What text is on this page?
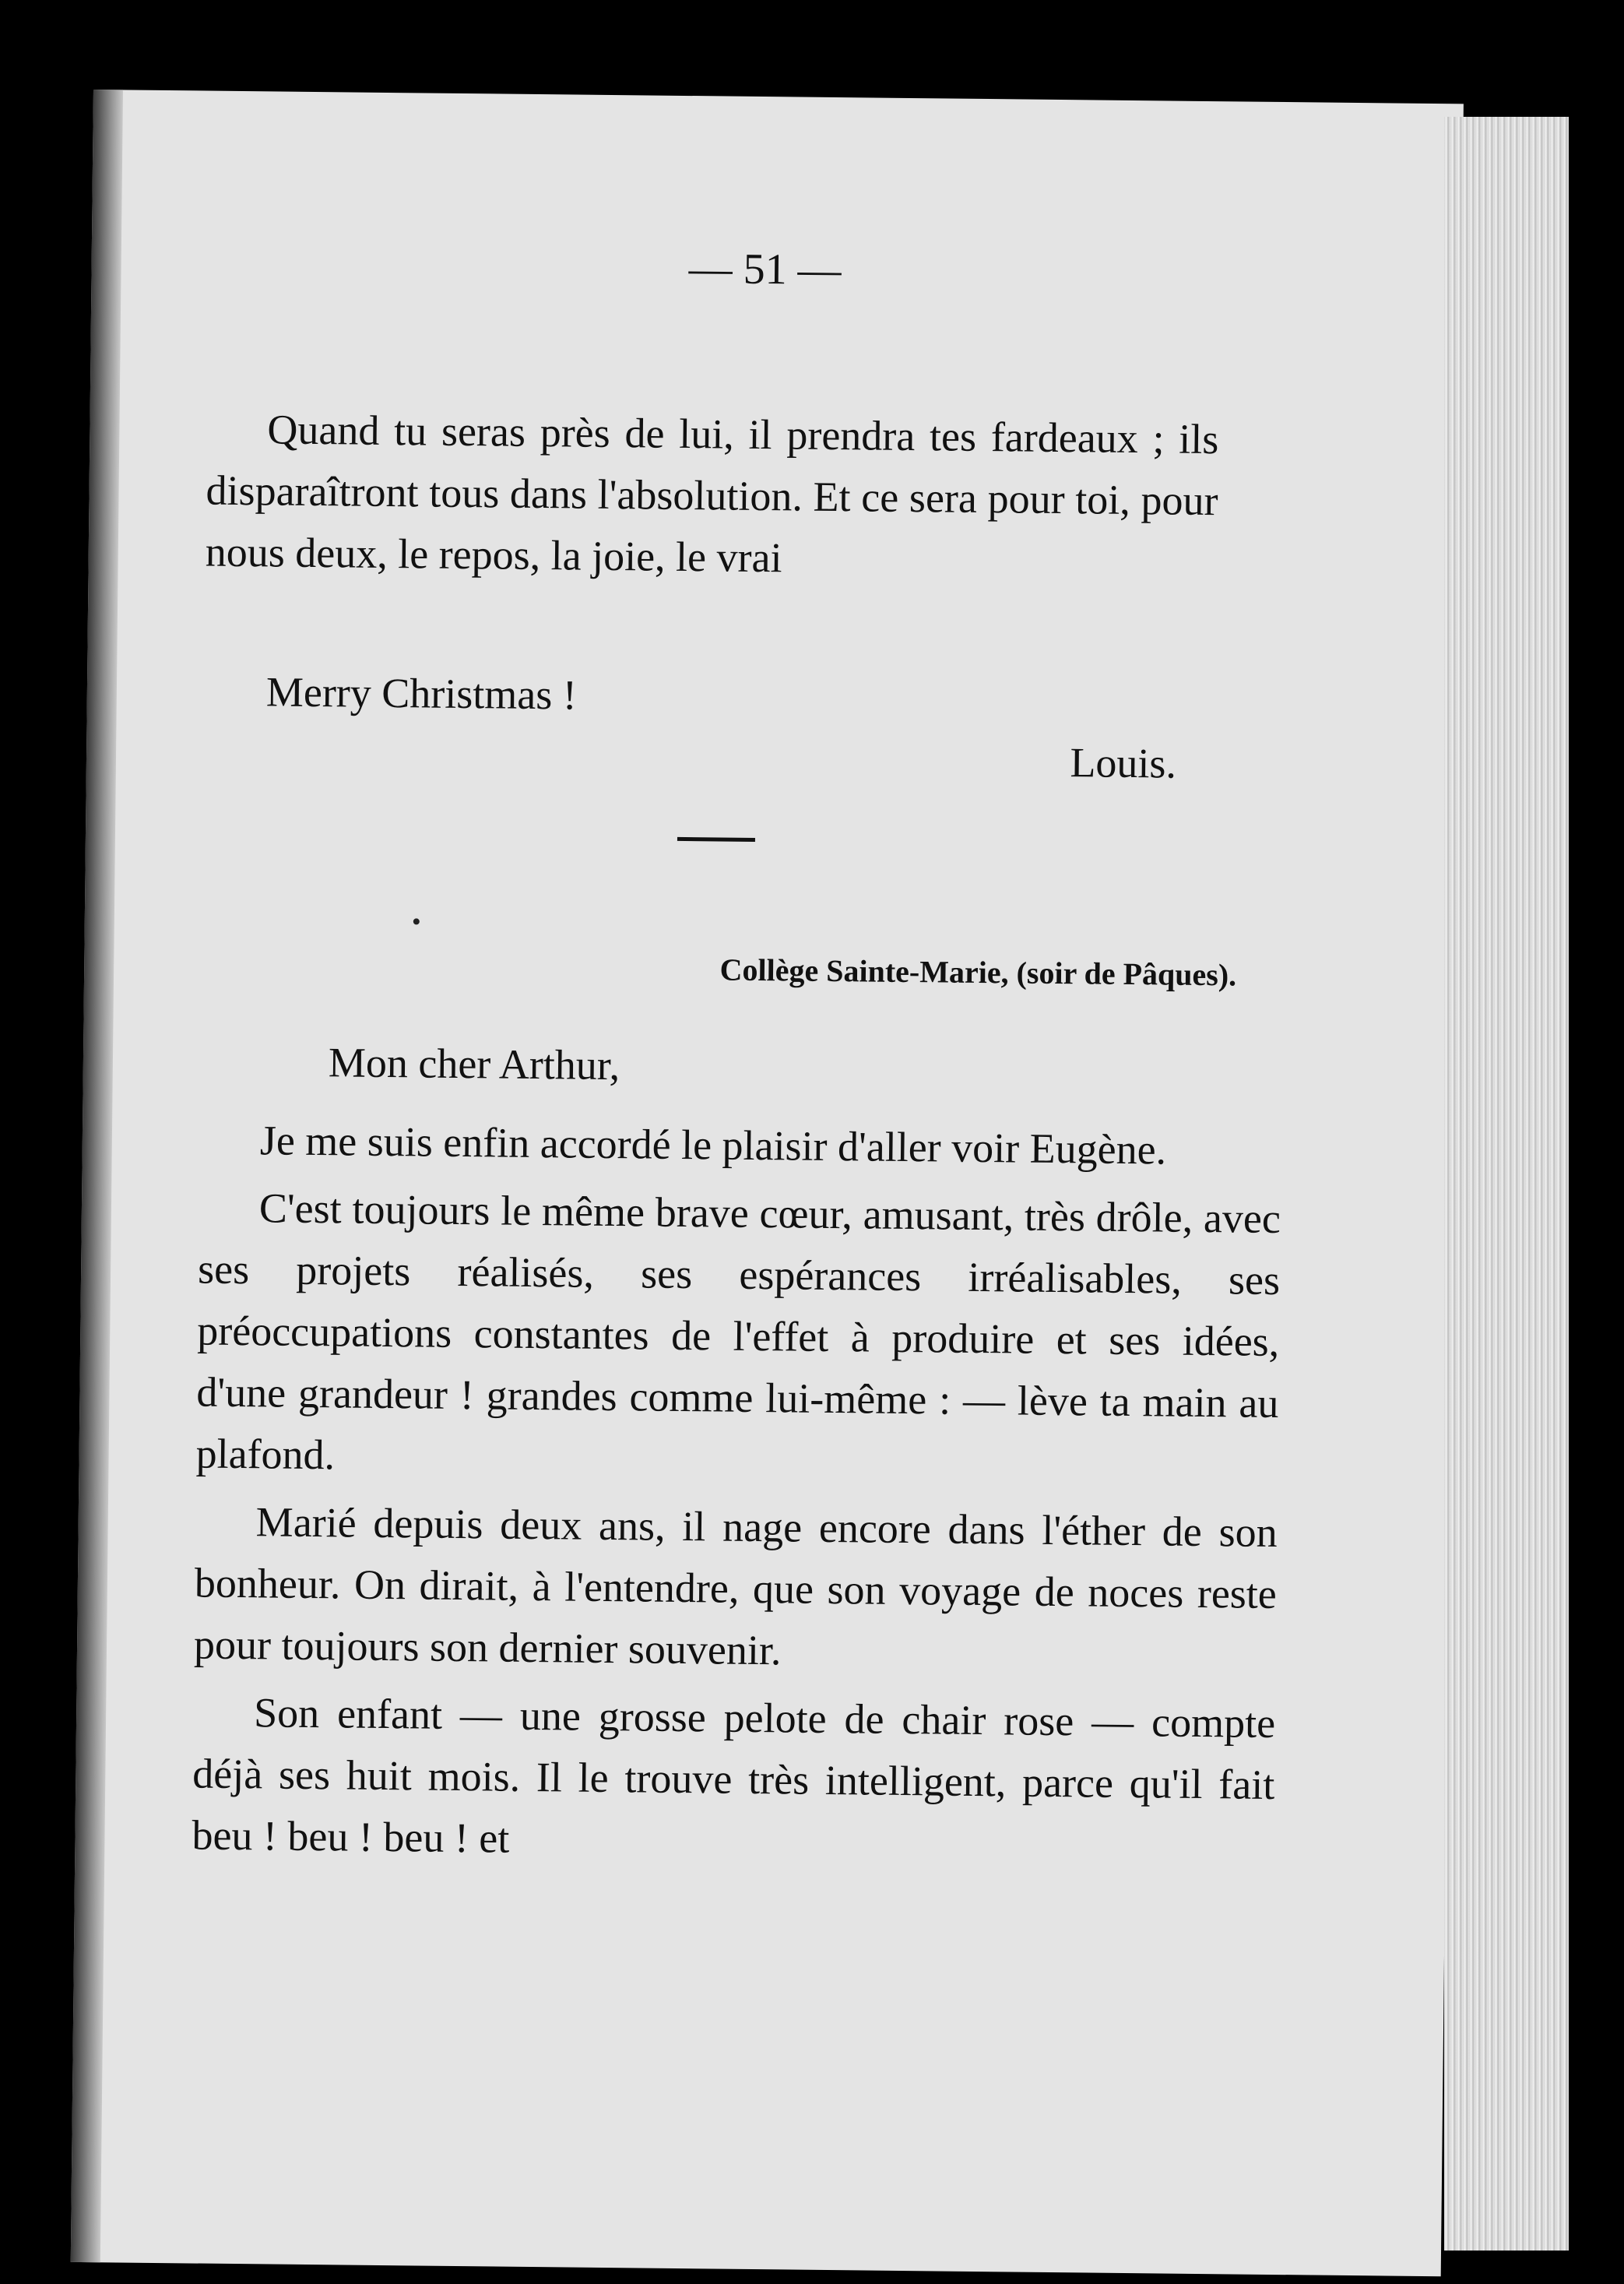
— 51 —

Quand tu seras près de lui, il prendra tes fardeaux ; ils disparaîtront tous dans l'absolution. Et ce sera pour toi, pour nous deux, le repos, la joie, le vrai

Merry Christmas !
Louis.
Collège Sainte-Marie, (soir de Pâques).
Mon cher Arthur,

Je me suis enfin accordé le plaisir d'aller voir Eugène.

C'est toujours le même brave cœur, amusant, très drôle, avec ses projets réalisés, ses espérances irréalisables, ses préoccupations constantes de l'effet à produire et ses idées, d'une grandeur ! grandes comme lui-même : — lève ta main au plafond.

Marié depuis deux ans, il nage encore dans l'éther de son bonheur. On dirait, à l'entendre, que son voyage de noces reste pour toujours son dernier souvenir.

Son enfant — une grosse pelote de chair rose — compte déjà ses huit mois. Il le trouve très intelligent, parce qu'il fait beu ! beu ! beu ! et
